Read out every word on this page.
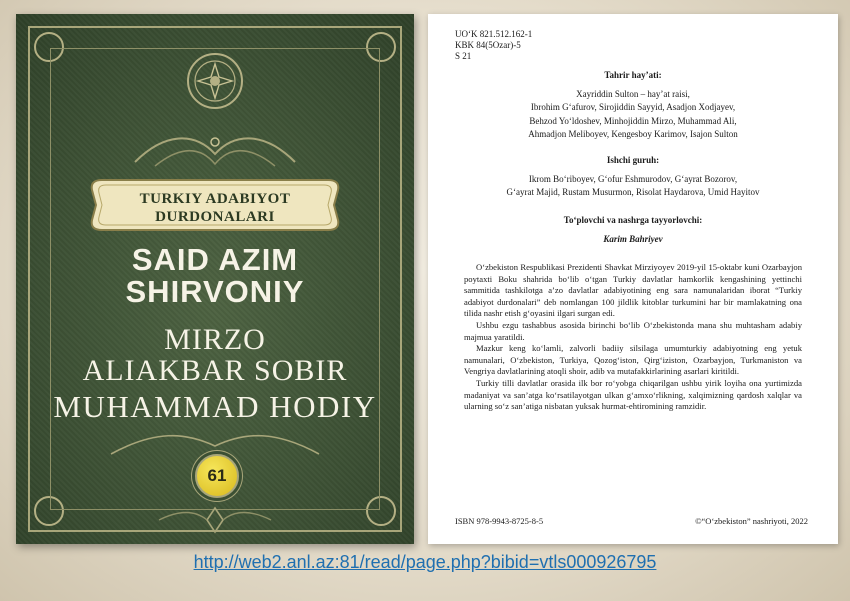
TURKIY ADABIYOT
DURDONALARI
SAID AZIM
SHIRVONIY
MIRZO
ALIAKBAR SOBIR
MUHAMMAD HODIY
61
UO‘K 821.512.162-1
KBK 84(5Ozar)-5
S 21
Tahrir hay’ati:
Xayriddin Sulton – hay’at raisi,
Ibrohim G‘afurov, Sirojiddin Sayyid, Asadjon Xodjayev,
Behzod Yo‘ldoshev, Minhojiddin Mirzo, Muhammad Ali,
Ahmadjon Meliboyev, Kengesboy Karimov, Isajon Sulton
Ishchi guruh:
Ikrom Bo‘riboyev, G‘ofur Eshmurodov, G‘ayrat Bozorov,
G‘ayrat Majid, Rustam Musurmon, Risolat Haydarova, Umid Hayitov
To‘plovchi va nashrga tayyorlovchi:
Karim Bahriyev

O‘zbekiston Respublikasi Prezidenti Shavkat Mirziyoyev 2019-yil 15-oktabr kuni Ozarbayjon poytaxti Boku shahrida bo‘lib o‘tgan Turkiy davlatlar hamkorlik kengashining yettinchi sammitida tashkilotga a’zo davlatlar adabiyotining eng sara namunalaridan iborat “Turkiy adabiyot durdonalari” deb nomlangan 100 jildlik kitoblar turkumini har bir mamlakatning ona tilida nashr etish g‘oyasini ilgari surgan edi.

Ushbu ezgu tashabbus asosida birinchi bo‘lib O‘zbekistonda mana shu muhtasham adabiy majmua yaratildi.

Mazkur keng ko‘lamli, zalvorli badiiy silsilaga umumturkiy adabiyotning eng yetuk namunalari, O‘zbekiston, Turkiya, Qozog‘iston, Qirg‘iziston, Ozarbayjon, Turkmaniston va Vengriya davlatlarining atoqli shoir, adib va mutafakkirlarining asarlari kiritildi.

Turkiy tilli davlatlar orasida ilk bor ro‘yobga chiqarilgan ushbu yirik loyiha ona yurtimizda madaniyat va san’atga ko‘rsatilayotgan ulkan g‘amxo‘rlikning, xalqimizning qardosh xalqlar va ularning so‘z san’atiga nisbatan yuksak hurmat-ehtiromining ramzidir.

ISBN 978-9943-8725-8-5	©“O‘zbekiston” nashriyoti, 2022
http://web2.anl.az:81/read/page.php?bibid=vtls000926795
